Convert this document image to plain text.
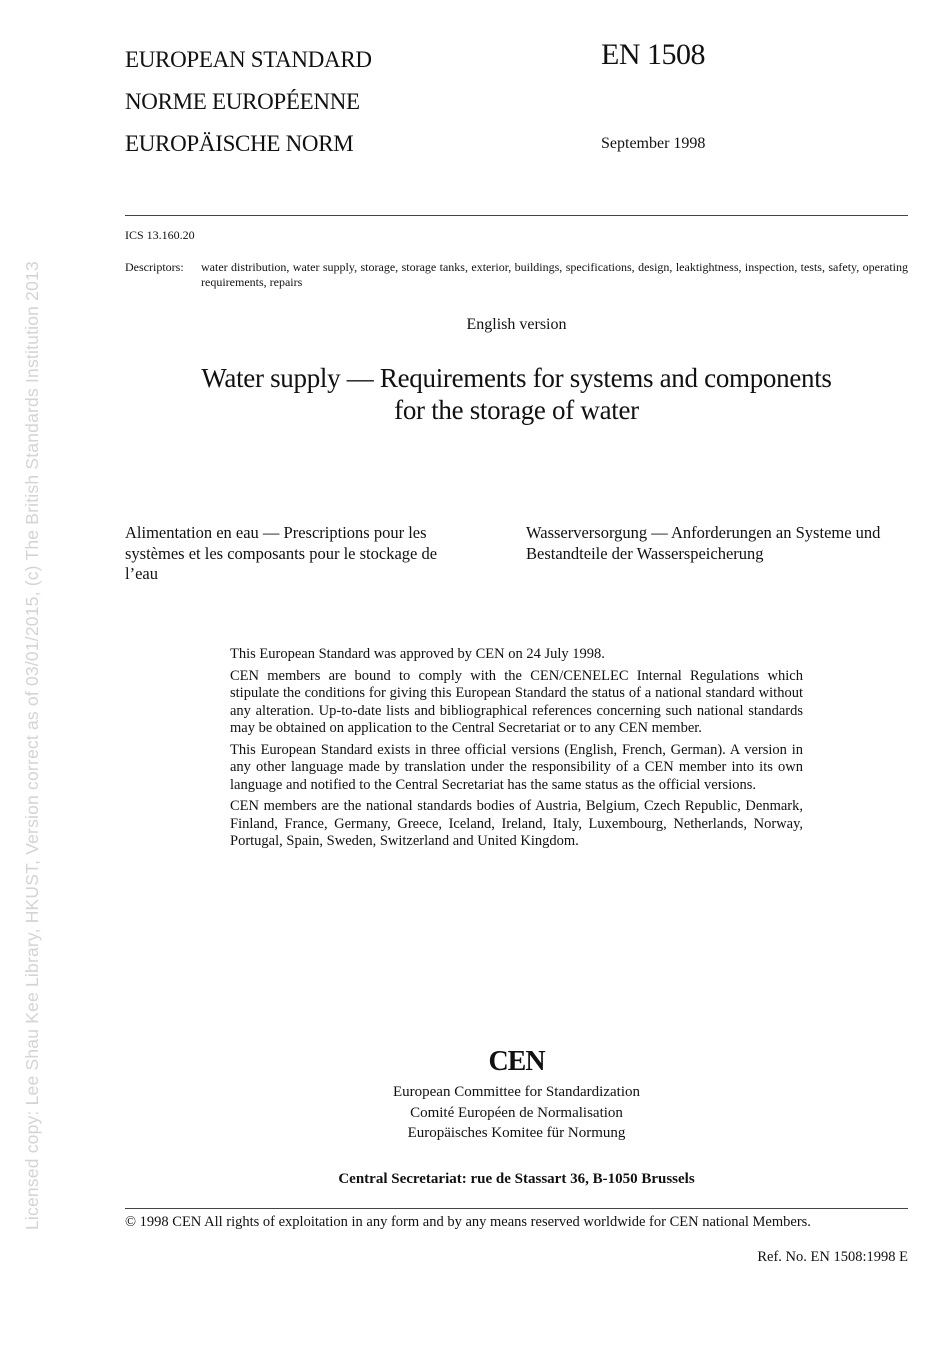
Licensed copy: Lee Shau Kee Library, HKUST, Version correct as of 03/01/2015, (c) The British Standards Institution 2013
EUROPEAN STANDARD
NORME EUROPÉENNE
EUROPÄISCHE NORM
EN 1508
September 1998
ICS 13.160.20
Descriptors: water distribution, water supply, storage, storage tanks, exterior, buildings, specifications, design, leaktightness, inspection, tests, safety, operating requirements, repairs
English version
Water supply — Requirements for systems and components
for the storage of water
Alimentation en eau — Prescriptions pour les systèmes et les composants pour le stockage de l’eau
Wasserversorgung — Anforderungen an Systeme und Bestandteile der Wasserspeicherung

This European Standard was approved by CEN on 24 July 1998.

CEN members are bound to comply with the CEN/CENELEC Internal Regulations which stipulate the conditions for giving this European Standard the status of a national standard without any alteration. Up-to-date lists and bibliographical references concerning such national standards may be obtained on application to the Central Secretariat or to any CEN member.

This European Standard exists in three official versions (English, French, German). A version in any other language made by translation under the responsibility of a CEN member into its own language and notified to the Central Secretariat has the same status as the official versions.

CEN members are the national standards bodies of Austria, Belgium, Czech Republic, Denmark, Finland, France, Germany, Greece, Iceland, Ireland, Italy, Luxembourg, Netherlands, Norway, Portugal, Spain, Sweden, Switzerland and United Kingdom.

CEN
European Committee for Standardization
Comité Européen de Normalisation
Europäisches Komitee für Normung
Central Secretariat: rue de Stassart 36, B-1050 Brussels
© 1998 CEN All rights of exploitation in any form and by any means reserved worldwide for CEN national Members.
Ref. No. EN 1508:1998 E
